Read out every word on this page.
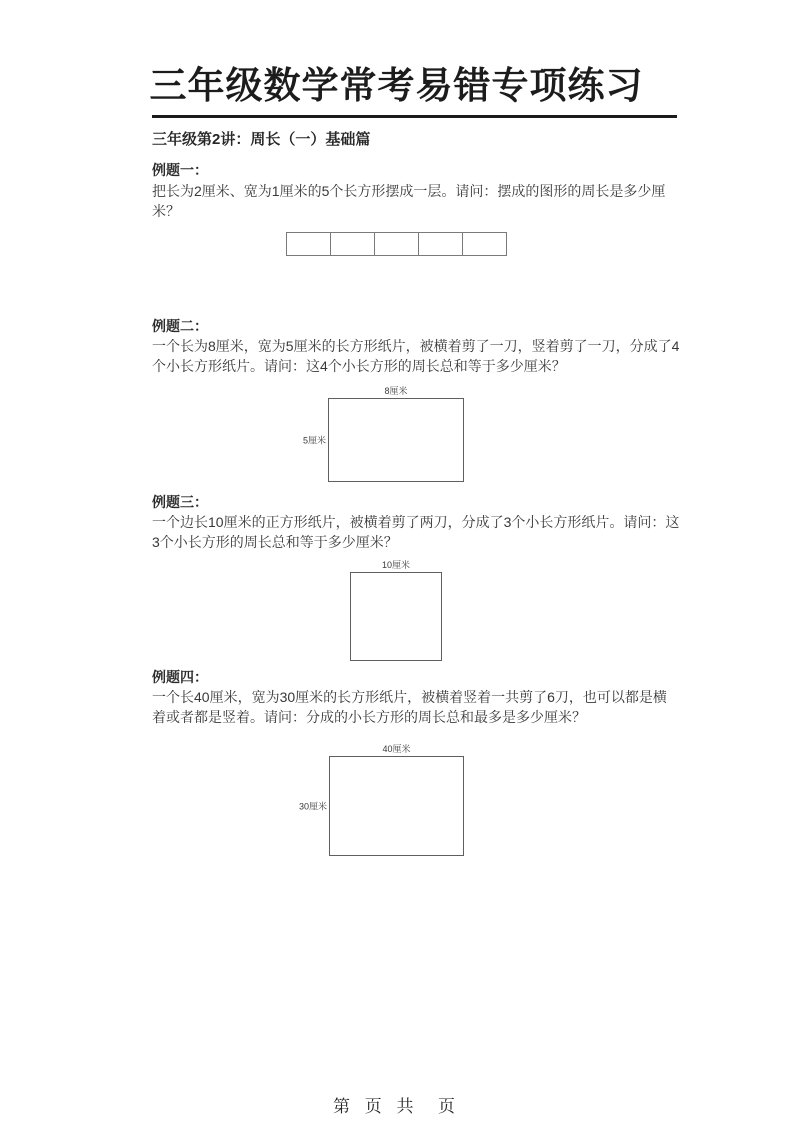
三年级数学常考易错专项练习
三年级第2讲：周长（一）基础篇
例题一：
把长为2厘米、宽为1厘米的5个长方形摆成一层。请问：摆成的图形的周长是多少厘米？
例题二：
一个长为8厘米，宽为5厘米的长方形纸片，被横着剪了一刀，竖着剪了一刀，分成了4个小长方形纸片。请问：这4个小长方形的周长总和等于多少厘米？
8厘米
5厘米
例题三：
一个边长10厘米的正方形纸片，被横着剪了两刀，分成了3个小长方形纸片。请问：这3个小长方形的周长总和等于多少厘米？
10厘米
例题四：
一个长40厘米，宽为30厘米的长方形纸片，被横着竖着一共剪了6刀，也可以都是横着或者都是竖着。请问：分成的小长方形的周长总和最多是多少厘米？
40厘米
30厘米
第 页 共  页
